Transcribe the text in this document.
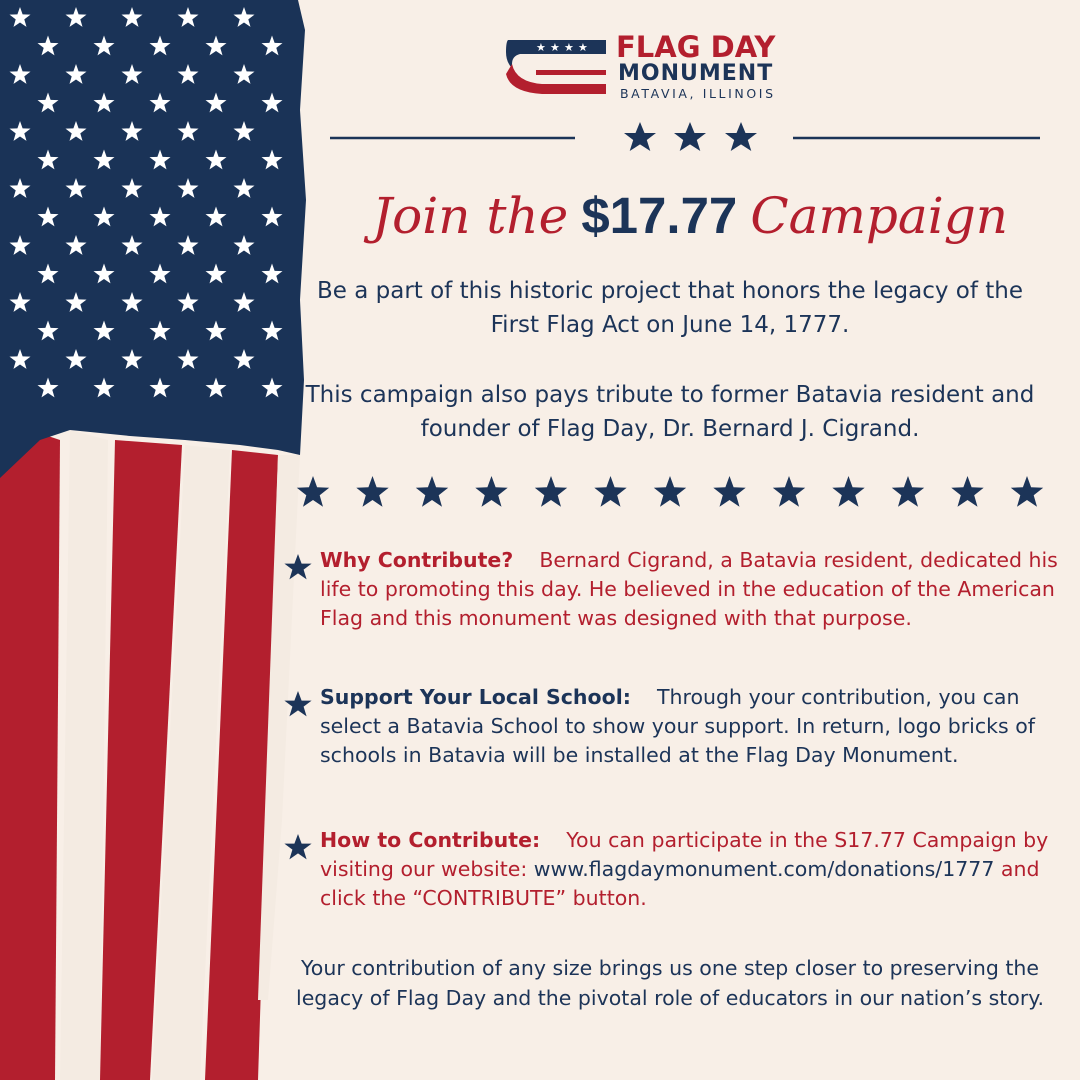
★ ★ ★ ★ FLAG DAY
MONUMENT
BATAVIA, ILLINOIS
Join the $17.77 Campaign
Be a part of this historic project that honors the legacy of the First Flag Act on June 14, 1777.
This campaign also pays tribute to former Batavia resident and founder of Flag Day, Dr. Bernard J. Cigrand.
Why Contribute? Bernard Cigrand, a Batavia resident, dedicated his life to promoting this day. He believed in the education of the American Flag and this monument was designed with that purpose.
Support Your Local School: Through your contribution, you can select a Batavia School to show your support. In return, logo bricks of schools in Batavia will be installed at the Flag Day Monument.
How to Contribute: You can participate in the S17.77 Campaign by visiting our website: www.flagdaymonument.com/donations/1777 and click the “CONTRIBUTE” button.
Your contribution of any size brings us one step closer to preserving the legacy of Flag Day and the pivotal role of educators in our nation’s story.
